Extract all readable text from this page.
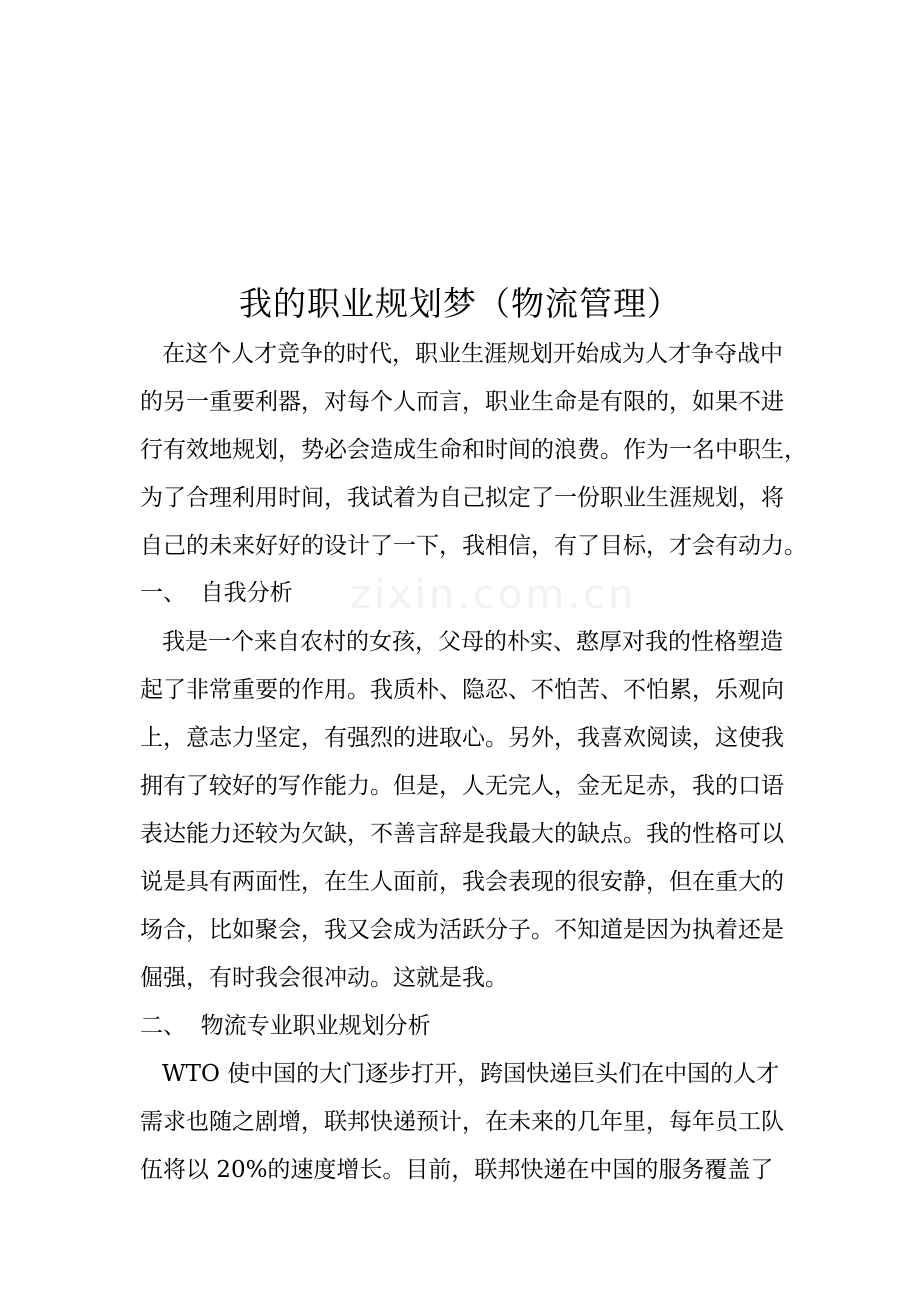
zixin.com.cn
我的职业规划梦（物流管理）
在这个人才竞争的时代，职业生涯规划开始成为人才争夺战中
的另一重要利器，对每个人而言，职业生命是有限的，如果不进
行有效地规划，势必会造成生命和时间的浪费。作为一名中职生，
为了合理利用时间，我试着为自己拟定了一份职业生涯规划，将
自己的未来好好的设计了一下，我相信，有了目标，才会有动力。
一、  自我分析
我是一个来自农村的女孩，父母的朴实、憨厚对我的性格塑造
起了非常重要的作用。我质朴、隐忍、不怕苦、不怕累，乐观向
上，意志力坚定，有强烈的进取心。另外，我喜欢阅读，这使我
拥有了较好的写作能力。但是，人无完人，金无足赤，我的口语
表达能力还较为欠缺，不善言辞是我最大的缺点。我的性格可以
说是具有两面性，在生人面前，我会表现的很安静，但在重大的
场合，比如聚会，我又会成为活跃分子。不知道是因为执着还是
倔强，有时我会很冲动。这就是我。
二、  物流专业职业规划分析
WTO 使中国的大门逐步打开，跨国快递巨头们在中国的人才
需求也随之剧增，联邦快递预计，在未来的几年里，每年员工队
伍将以 20%的速度增长。目前，联邦快递在中国的服务覆盖了
